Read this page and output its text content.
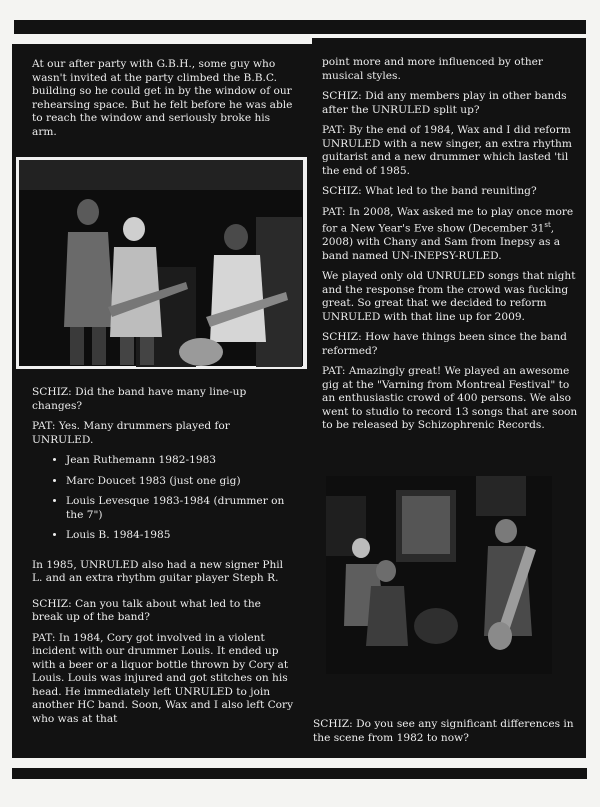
At our after party with G.B.H., some guy who wasn't invited at the party climbed the B.B.C. building so he could get in by the window of our rehearsing space. But he felt before he was able to reach the window and seriously broke his arm.

SCHIZ: Did the band have many line-up changes?

PAT: Yes. Many drummers played for UNRULED.

• Jean Ruthemann 1982-1983
• Marc Doucet 1983 (just one gig)
• Louis Levesque 1983-1984 (drummer on the 7")
• Louis B. 1984-1985

In 1985, UNRULED also had a new signer Phil L. and an extra rhythm guitar player Steph R.

SCHIZ: Can you talk about what led to the break up of the band?

PAT: In 1984, Cory got involved in a violent incident with our drummer Louis. It ended up with a beer or a liquor bottle thrown by Cory at Louis. Louis was injured and got stitches on his head. He immediately left UNRULED to join another HC band. Soon, Wax and I also left Cory who was at that

point more and more influenced by other musical styles.

SCHIZ: Did any members play in other bands after the UNRULED split up?

PAT: By the end of 1984, Wax and I did reform UNRULED with a new singer, an extra rhythm guitarist and a new drummer which lasted 'til the end of 1985.

SCHIZ: What led to the band reuniting?

PAT: In 2008, Wax asked me to play once more for a New Year's Eve show (December 31st, 2008) with Chany and Sam from Inepsy as a band named UN-INEPSY-RULED.

We played only old UNRULED songs that night and the response from the crowd was fucking great. So great that we decided to reform UNRULED with that line up for 2009.

SCHIZ: How have things been since the band reformed?

PAT: Amazingly great! We played an awesome gig at the "Varning from Montreal Festival" to an enthusiastic crowd of 400 persons. We also went to studio to record 13 songs that are soon to be released by Schizophrenic Records.

SCHIZ: Do you see any significant differences in the scene from 1982 to now?
